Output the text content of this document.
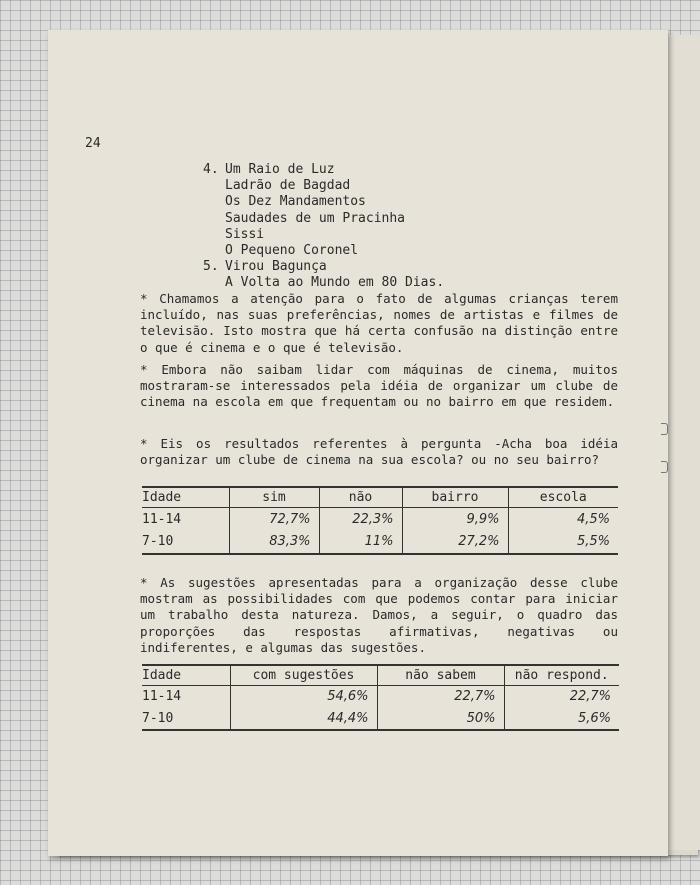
24
4. Um Raio de Luz
Ladrão de Bagdad
Os Dez Mandamentos
Saudades de um Pracinha
Sissi
O Pequeno Coronel
5. Virou Bagunça
A Volta ao Mundo em 80 Dias.

* Chamamos a atenção para o fato de algumas crianças terem incluído, nas suas preferências, nomes de artistas e filmes de televisão. Isto mostra que há certa confusão na distinção entre o que é cinema e o que é televisão.

* Embora não saibam lidar com máquinas de cinema, muitos mostraram-se interessados pela idéia de organizar um clube de cinema na escola em que frequentam ou no bairro em que residem.

* Eis os resultados referentes à pergunta -Acha boa idéia organizar um clube de cinema na sua escola? ou no seu bairro?

Idade	sim	não	bairro	escola
11-14	72,7%	22,3%	9,9%	4,5%
7-10	83,3%	11%	27,2%	5,5%

* As sugestões apresentadas para a organização desse clube mostram as possibilidades com que podemos contar para iniciar um trabalho desta natureza. Damos, a seguir, o quadro das proporções das respostas afirmativas, negativas ou indiferentes, e algumas das sugestões.

Idade	com sugestões	não sabem	não respond.
11-14	54,6%	22,7%	22,7%
7-10	44,4%	50%	5,6%
